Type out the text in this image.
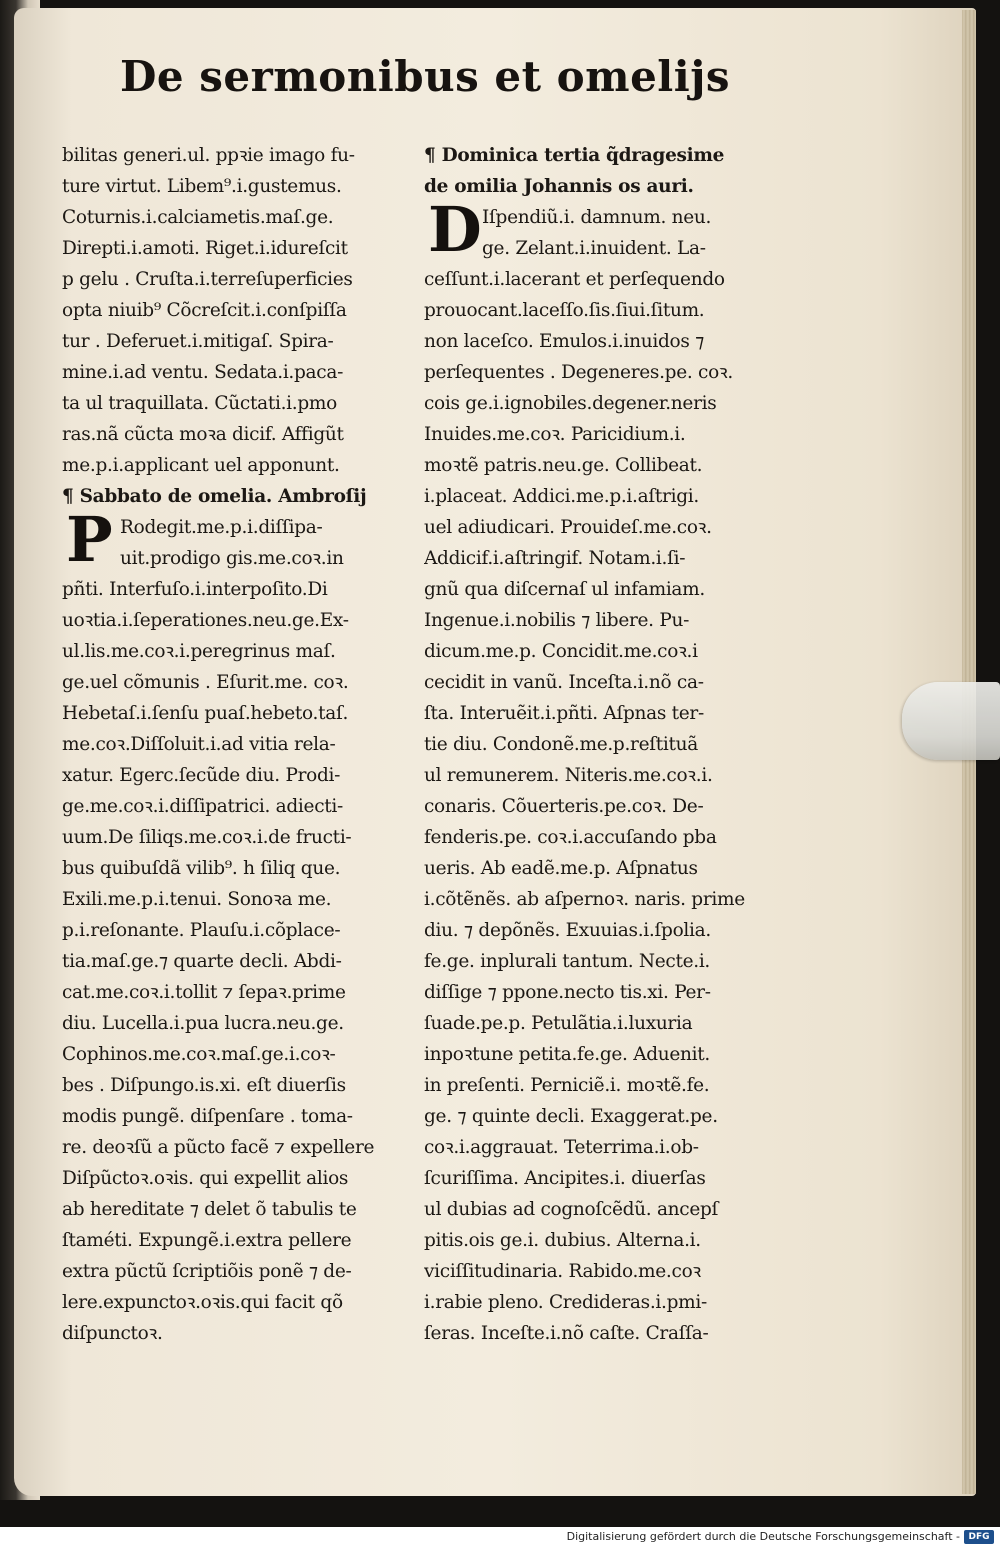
De sermonibus et omelijs
bilitas generi.ul. ppꝛie imago fu-
ture virtut. Libem⁹.i.gustemus.
Coturnis.i.calciametis.maſ.ge.
Direpti.i.amoti. Riget.i.idureſcit
p gelu . Cruſta.i.terreſuperficies
opta niuib⁹ Cõcreſcit.i.conſpiſſa
tur . Deferuet.i.mitigaſ. Spira-
mine.i.ad ventu. Sedata.i.paca-
ta ul traquillata. Cũctati.i.pmo
ras.nã cũcta moꝛa dicif. Affigũt
me.p.i.applicant uel apponunt.
¶ Sabbato de omelia. Ambroſij
P Rodegit.me.p.i.diſſipa-
uit.prodigo gis.me.coꝛ.in
pñti. Interfuſo.i.interpoſito.Di
uoꝛtia.i.ſeperationes.neu.ge.Ex-
ul.lis.me.coꝛ.i.peregrinus maſ.
ge.uel cõmunis . Eſurit.me. coꝛ.
Hebetaſ.i.ſenſu puaſ.hebeto.taſ.
me.coꝛ.Diſſoluit.i.ad vitia rela-
xatur. Egerc.ſecũde diu. Prodi-
ge.me.coꝛ.i.diſſipatrici. adiecti-
uum.De ſiliqs.me.coꝛ.i.de fructi-
bus quibuſdã vilib⁹. h ſiliq que.
Exili.me.p.i.tenui. Sonoꝛa me.
p.i.reſonante. Plauſu.i.cõplace-
tia.maſ.ge.⁊ quarte decli. Abdi-
cat.me.coꝛ.i.tollit ⁊ ſepaꝛ.prime
diu. Lucella.i.pua lucra.neu.ge.
Cophinos.me.coꝛ.maſ.ge.i.coꝛ-
bes . Diſpungo.is.xi. eſt diuerſis
modis pungẽ. diſpenſare . toma-
re. deoꝛſũ a pũcto facẽ ⁊ expellere
Diſpũctoꝛ.oꝛis. qui expellit alios
ab hereditate ⁊ delet õ tabulis te
ſtaméti. Expungẽ.i.extra pellere
extra pũctũ ſcriptiõis ponẽ ⁊ de-
lere.expunctoꝛ.oꝛis.qui facit qõ
diſpunctoꝛ.
¶ Dominica tertia q̃dragesime
de omilia Johannis os auri.
D Iſpendiũ.i. damnum. neu.
ge. Zelant.i.inuident. La-
ceſſunt.i.lacerant et perſequendo
prouocant.laceſſo.ſis.ſiui.ſitum.
non laceſco. Emulos.i.inuidos ⁊
perſequentes . Degeneres.pe. coꝛ.
cois ge.i.ignobiles.degener.neris
Inuides.me.coꝛ. Paricidium.i.
moꝛtẽ patris.neu.ge. Collibeat.
i.placeat. Addici.me.p.i.aſtrigi.
uel adiudicari. Prouideſ.me.coꝛ.
Addicif.i.aſtringif. Notam.i.ſi-
gnũ qua diſcernaſ ul infamiam.
Ingenue.i.nobilis ⁊ libere. Pu-
dicum.me.p. Concidit.me.coꝛ.i
cecidit in vanũ. Inceſta.i.nõ ca-
ſta. Interuẽit.i.pñti. Aſpnas ter-
tie diu. Condonẽ.me.p.reſtituã
ul remunerem. Niteris.me.coꝛ.i.
conaris. Cõuerteris.pe.coꝛ. De-
fenderis.pe. coꝛ.i.accuſando pba
ueris. Ab eadẽ.me.p. Aſpnatus
i.cõtẽnẽs. ab aſpernoꝛ. naris. prime
diu. ⁊ depõnẽs. Exuuias.i.ſpolia.
fe.ge. inplurali tantum. Necte.i.
diſſige ⁊ ppone.necto tis.xi. Per-
ſuade.pe.p. Petulãtia.i.luxuria
inpoꝛtune petita.fe.ge. Aduenit.
in preſenti. Perniciẽ.i. moꝛtẽ.fe.
ge. ⁊ quinte decli. Exaggerat.pe.
coꝛ.i.aggrauat. Teterrima.i.ob-
ſcuriſſima. Ancipites.i. diuerſas
ul dubias ad cognoſcẽdũ. ancepſ
pitis.ois ge.i. dubius. Alterna.i.
viciſſitudinaria. Rabido.me.coꝛ
i.rabie pleno. Credideras.i.pmi-
ſeras. Inceſte.i.nõ caſte. Craſſa-
Digitalisierung gefördert durch die Deutsche Forschungsgemeinschaft - DFG
